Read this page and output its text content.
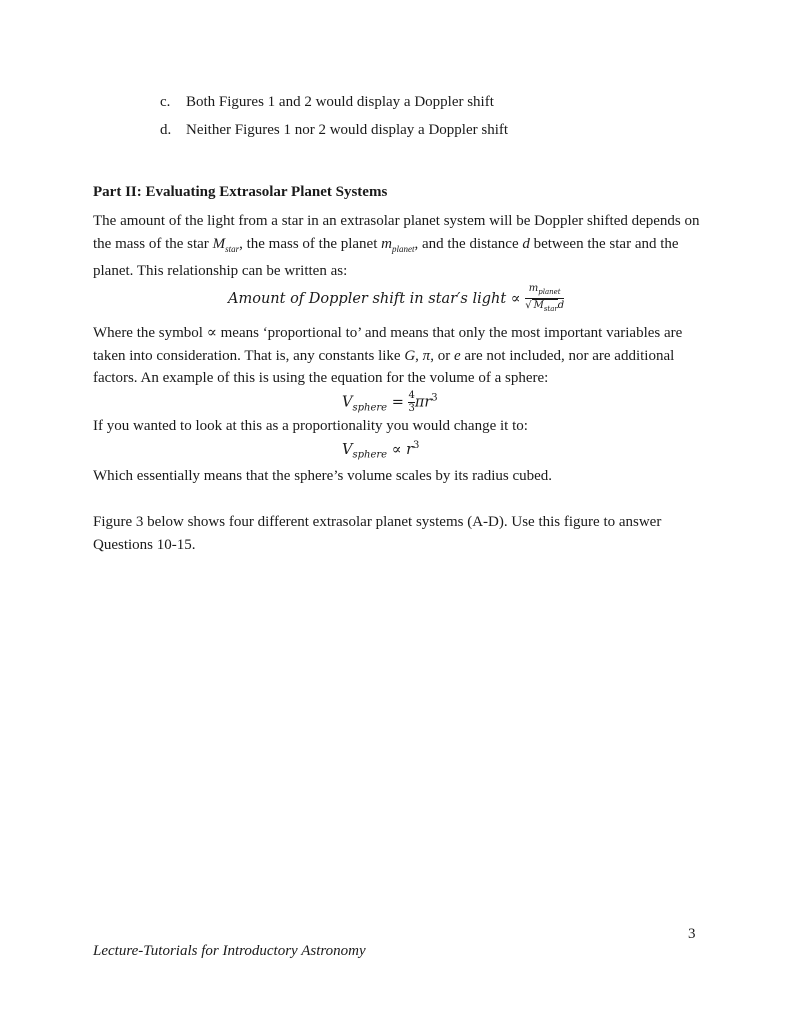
c. Both Figures 1 and 2 would display a Doppler shift
d. Neither Figures 1 nor 2 would display a Doppler shift
Part II: Evaluating Extrasolar Planet Systems
The amount of the light from a star in an extrasolar planet system will be Doppler shifted depends on the mass of the star $M_{star}$, the mass of the planet $m_{planet}$, and the distance d between the star and the planet. This relationship can be written as:
Amount of Doppler shift in star′s light ∝ $\frac{m_{planet}}{√ M_{star}d}$
Where the symbol ∝ means ‘proportional to’ and means that only the most important variables are taken into consideration. That is, any constants like G, π, or e are not included, nor are additional factors. An example of this is using the equation for the volume of a sphere:
$V_{sphere} = \frac{4}{3} \pi r^3$
If you wanted to look at this as a proportionality you would change it to:
$V_{sphere} \propto r^3$
Which essentially means that the sphere’s volume scales by its radius cubed.
Figure 3 below shows four different extrasolar planet systems (A-D). Use this figure to answer Questions 10-15.
3
Lecture-Tutorials for Introductory Astronomy
